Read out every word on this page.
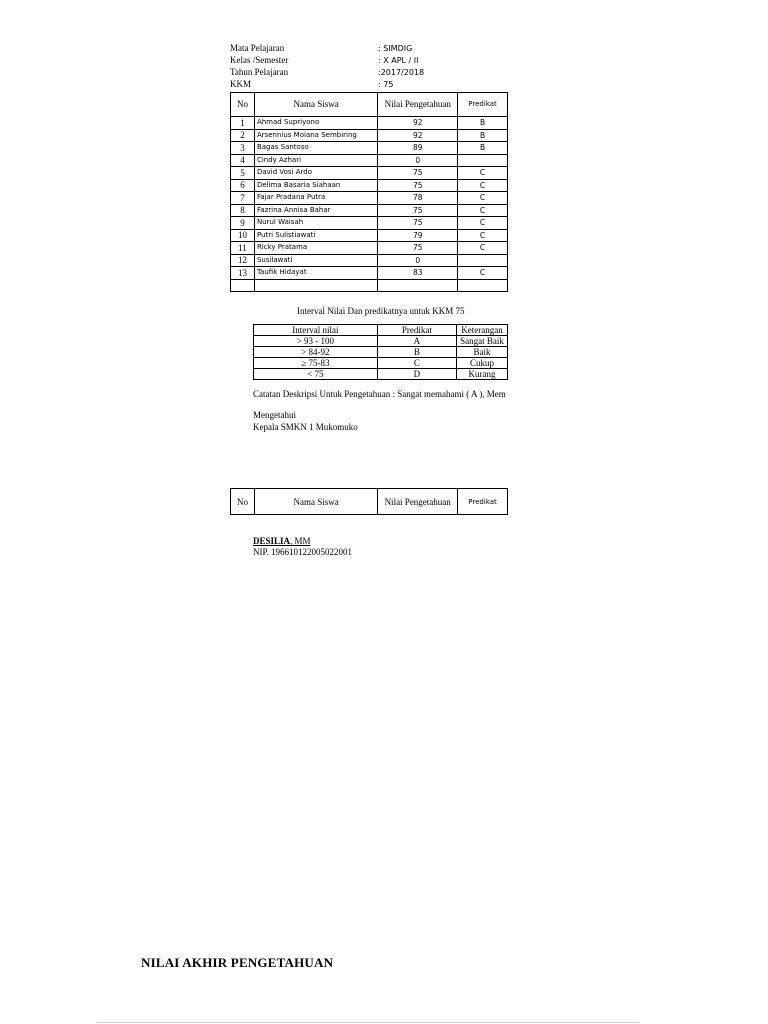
Mata Pelajaran	: SIMDIG
Kelas /Semester	: X APL / II
Tahun Pelajaran	:2017/2018
KKM	: 75
No	Nama Siswa	Nilai Pengetahuan	Predikat
1	Ahmad Supriyono	92	B
2	Arsennius Moiana Sembiring	92	B
3	Bagas Santoso	89	B
4	Cindy Azhari	0	
5	David Vosi Ardo	75	C
6	Delima Basaria Siahaan	75	C
7	Fajar Pradana Putra	78	C
8	Fazrina Annisa Bahar	75	C
9	Nurul Waisah	75	C
10	Putri Sulistiawati	79	C
11	Ricky Pratama	75	C
12	Susilawati	0	
13	Taufik Hidayat	83	C

Interval Nilai Dan predikatnya untuk KKM 75
Interval nilai	Predikat	Keterangan
> 93 - 100	A	Sangat Baik
> 84-92	B	Baik
≥ 75-83	C	Cukup
< 75	D	Kurang
Catatan Deskripsi Untuk Pengetahuan : Sangat memahami ( A ), Mem
Mengetahui
Kepala SMKN 1 Mukomuko
No	Nama Siswa	Nilai Pengetahuan	Predikat
DESILIA, MM
NIP. 196610122005022001
NILAI AKHIR PENGETAHUAN
